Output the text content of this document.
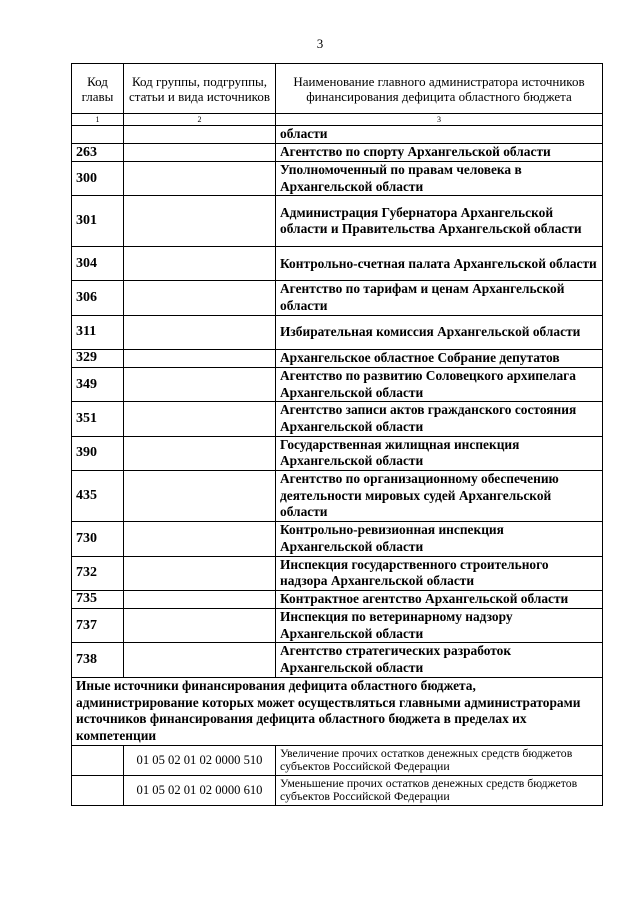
3
Код главы	Код группы, подгруппы, статьи и вида источников	Наименование главного администратора источников финансирования дефицита областного бюджета
1	2	3
		области
263		Агентство по спорту Архангельской области
300		Уполномоченный по правам человека в Архангельской области
301		Администрация Губернатора Архангельской области и Правительства Архангельской области
304		Контрольно-счетная палата Архангельской области
306		Агентство по тарифам и ценам Архангельской области
311		Избирательная комиссия Архангельской области
329		Архангельское областное Собрание депутатов
349		Агентство по развитию Соловецкого архипелага Архангельской области
351		Агентство записи актов гражданского состояния Архангельской области
390		Государственная жилищная инспекция Архангельской области
435		Агентство по организационному обеспечению деятельности мировых судей Архангельской области
730		Контрольно-ревизионная инспекция Архангельской области
732		Инспекция государственного строительного надзора Архангельской области
735		Контрактное агентство Архангельской области
737		Инспекция по ветеринарному надзору Архангельской области
738		Агентство стратегических разработок Архангельской области
Иные источники финансирования дефицита областного бюджета, администрирование которых может осуществляться главными администраторами источников финансирования дефицита областного бюджета в пределах их компетенции		
	01 05 02 01 02 0000 510	Увеличение прочих остатков денежных средств бюджетов субъектов Российской Федерации
	01 05 02 01 02 0000 610	Уменьшение прочих остатков денежных средств бюджетов субъектов Российской Федерации
